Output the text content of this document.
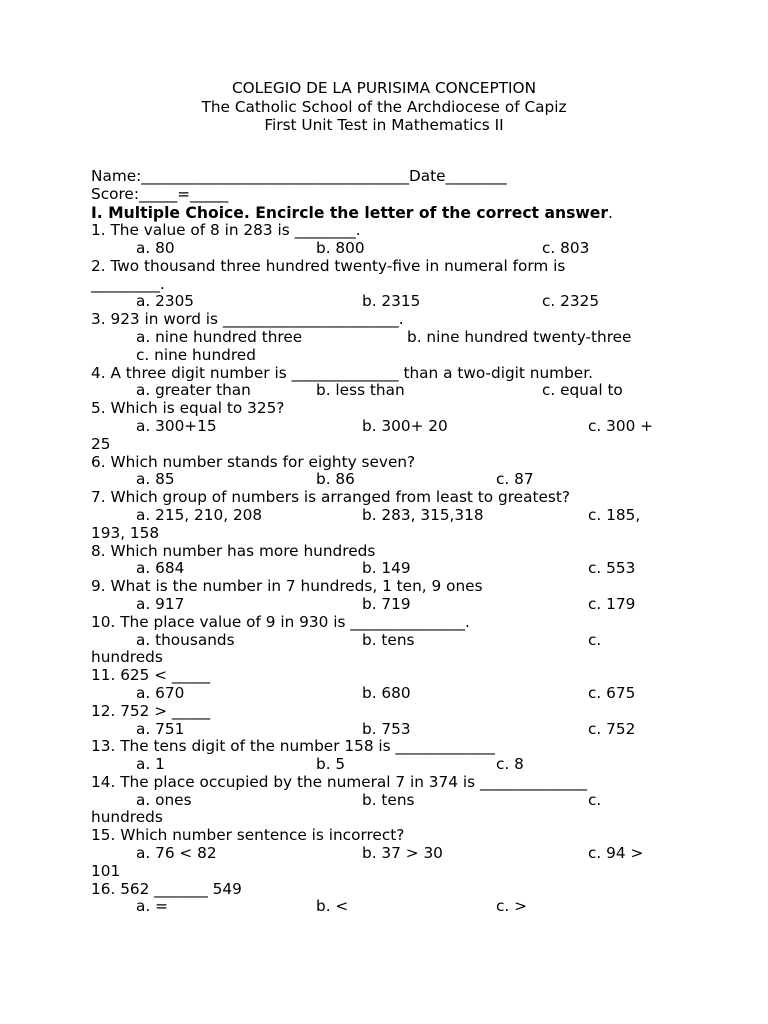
COLEGIO DE LA PURISIMA CONCEPTION
The Catholic School of the Archdiocese of Capiz
First Unit Test in Mathematics II
Name:___________________________________Date________
Score:_____=_____
I. Multiple Choice. Encircle the letter of the correct answer.
1. The value of 8 in 283 is ________.
a. 80	b. 800	c. 803
2. Two thousand three hundred twenty-five in numeral form is
_________.
a. 2305	b. 2315	c. 2325
3. 923 in word is _______________________.
a. nine hundred three	b. nine hundred twenty-three
c. nine hundred
4. A three digit number is ______________ than a two-digit number.
a. greater than	b. less than	c. equal to
5. Which is equal to 325?
a. 300+15	b. 300+ 20	c. 300 +
25
6. Which number stands for eighty seven?
a. 85	b. 86	c. 87
7. Which group of numbers is arranged from least to greatest?
a. 215, 210, 208	b. 283, 315,318	c. 185,
193, 158
8. Which number has more hundreds
a. 684	b. 149	c. 553
9. What is the number in 7 hundreds, 1 ten, 9 ones
a. 917	b. 719	c. 179
10. The place value of 9 in 930 is _______________.
a. thousands	b. tens	c.
hundreds
11. 625 < _____
a. 670	b. 680	c. 675
12. 752 > _____
a. 751	b. 753	c. 752
13. The tens digit of the number 158 is _____________
a. 1	b. 5	c. 8
14. The place occupied by the numeral 7 in 374 is ______________
a. ones	b. tens	c.
hundreds
15. Which number sentence is incorrect?
a. 76 < 82	b. 37 > 30	c. 94 >
101
16. 562 _______ 549
a. =	b. <	c. >
